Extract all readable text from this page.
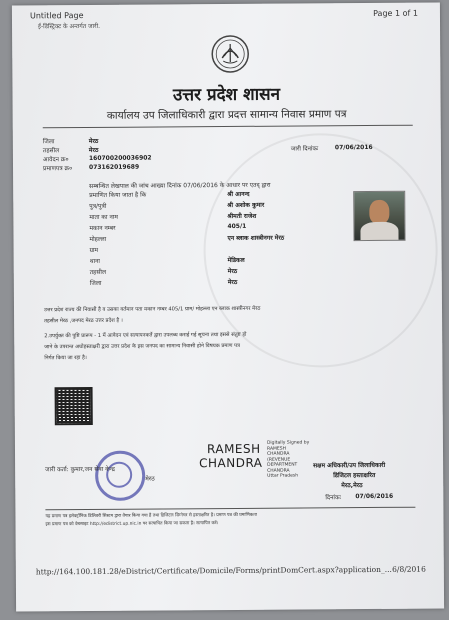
Untitled Page	Page 1 of 1
ई-डिस्ट्रिक्ट के अन्तर्गत जारी.
उत्तर प्रदेश शासन
कार्यालय उप जिलाधिकारी द्वारा प्रदत्त सामान्य निवास प्रमाण पत्र
जिला	मेरठ
तहसील	मेरठ
आवेदन क्र०	160700200036902
प्रमाणपत्र क्र०	073162019689
जारी दिनांकः	07/06/2016
सम्बन्धित लेखपाल की जांच आख्या दिनांक 07/06/2016 के आधार पर एतद् द्वारा
प्रमाणित किया जाता है कि	श्री आनन्द
पुत्र/पुत्री	श्री अशोक कुमार
माता का नाम	श्रीमती राजेश
मकान नम्बर	405/1
मोहल्ला	एन ब्लाक शास्त्रीनगर मेरठ
ग्राम
थाना	मेडिकल
तहसील	मेरठ
जिला	मेरठ
उत्तर प्रदेश राज्य की निवासी है व उसका वर्तमान पता मकान नम्बर 405/1 ग्राम/ मोहल्ला एन ब्लाक शास्त्रीनगर मेरठ
तहसील मेरठ ,जनपद मेरठ उत्तर प्रदेश है ।
2.उपर्युक्त की पुष्टि प्रारूप - 1 में आवेदन एवं सत्यापनकर्ते द्वारा उपलब्ध कराई गई सूचना तथा इससे संतुष्ट हो
जाने के उपरान्त अधोहस्ताक्षरी द्वारा उत्तर प्रदेश के इस जनपद का सामान्य निवासी होने विषयक प्रमाण पत्र
निर्गत किया जा रहा है।
RAMESH
CHANDRA
Digitally Signed by
RAMESH
CHANDRA
(REVENUE
DEPARTMENT
CHANDRA
Uttar Pradesh
जारी कर्ता: कुमार,जन सेवा केन्द्र
मेरठ
सक्षम अधिकारी/उप जिलाधिकारी
डिजिटल हस्ताक्षरित
मेरठ,मेरठ
दिनांकः 07/06/2016
यह प्रमाण पत्र इलेक्ट्रॉनिक डिलिवरी सिस्टम द्वारा तैयार किया गया है तथा डिजिटल सिग्नेचर से हस्ताक्षरित है। प्रमाण पत्र की प्रमाणिकता
इस प्रमाण पत्र को वेबसाइट http://edistrict.up.nic.in पर सत्यापित किया जा सकता है। सत्यापित करें।
http://164.100.181.28/eDistrict/Certificate/Domicile/Forms/printDomCert.aspx?application_... 6/8/2016
